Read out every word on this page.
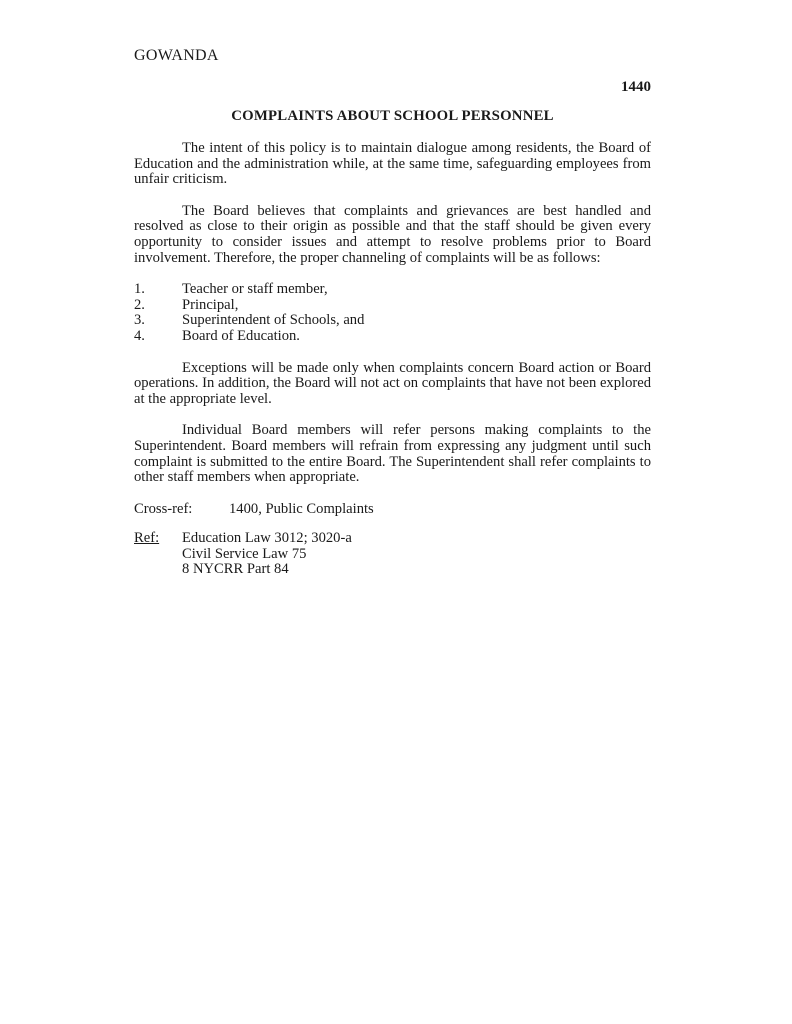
GOWANDA
1440
COMPLAINTS ABOUT SCHOOL PERSONNEL

The intent of this policy is to maintain dialogue among residents, the Board of Education and the administration while, at the same time, safeguarding employees from unfair criticism.

The Board believes that complaints and grievances are best handled and resolved as close to their origin as possible and that the staff should be given every opportunity to consider issues and attempt to resolve problems prior to Board involvement. Therefore, the proper channeling of complaints will be as follows:

1.	Teacher or staff member,
2.	Principal,
3.	Superintendent of Schools, and
4.	Board of Education.

Exceptions will be made only when complaints concern Board action or Board operations. In addition, the Board will not act on complaints that have not been explored at the appropriate level.

Individual Board members will refer persons making complaints to the Superintendent. Board members will refrain from expressing any judgment until such complaint is submitted to the entire Board. The Superintendent shall refer complaints to other staff members when appropriate.

Cross-ref:	1400, Public Complaints
Ref:	Education Law 3012; 3020-a
Civil Service Law 75
8 NYCRR Part 84
